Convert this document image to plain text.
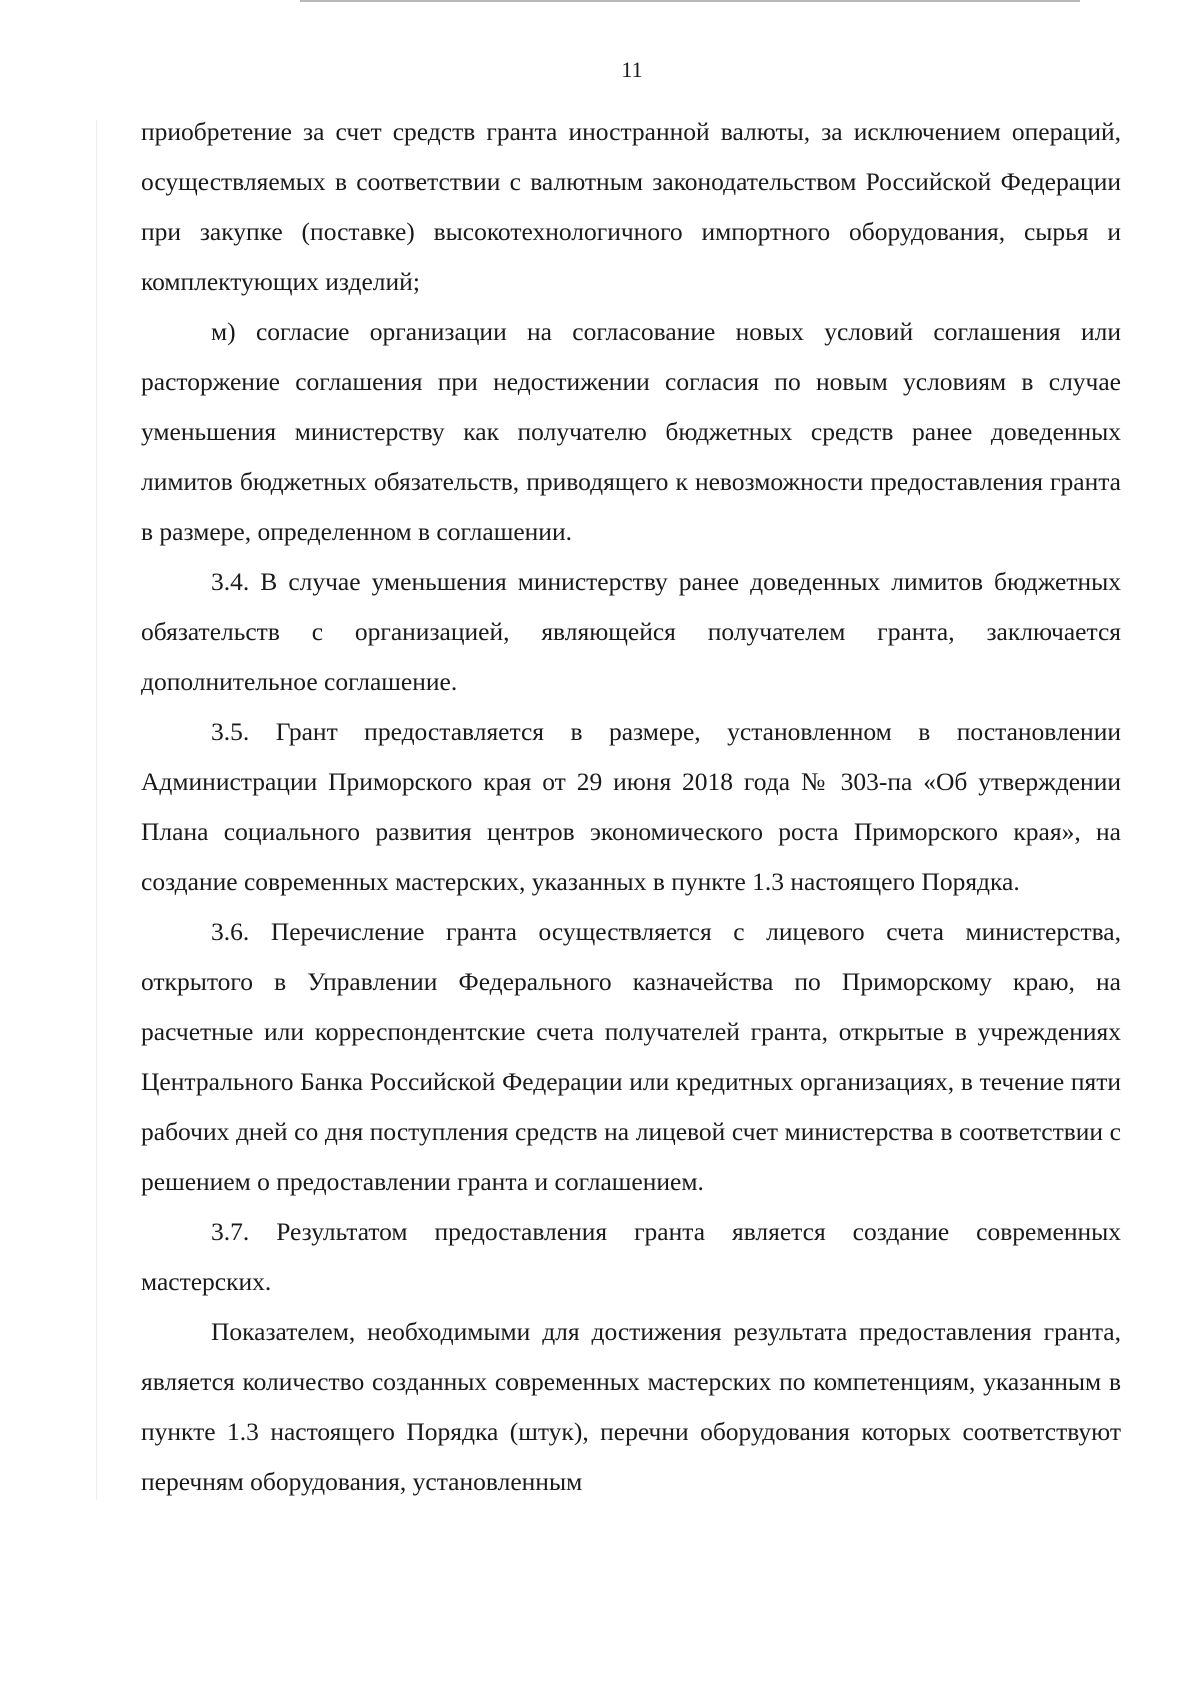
11

приобретение за счет средств гранта иностранной валюты, за исключением операций, осуществляемых в соответствии с валютным законодательством Российской Федерации при закупке (поставке) высокотехнологичного импортного оборудования, сырья и комплектующих изделий;

м) согласие организации на согласование новых условий соглашения или расторжение соглашения при недостижении согласия по новым условиям в случае уменьшения министерству как получателю бюджетных средств ранее доведенных лимитов бюджетных обязательств, приводящего к невозможности предоставления гранта в размере, определенном в соглашении.

3.4. В случае уменьшения министерству ранее доведенных лимитов бюджетных обязательств с организацией, являющейся получателем гранта, заключается дополнительное соглашение.

3.5. Грант предоставляется в размере, установленном в постановлении Администрации Приморского края от 29 июня 2018 года № 303-па «Об утверждении Плана социального развития центров экономического роста Приморского края», на создание современных мастерских, указанных в пункте 1.3 настоящего Порядка.

3.6. Перечисление гранта осуществляется с лицевого счета министерства, открытого в Управлении Федерального казначейства по Приморскому краю, на расчетные или корреспондентские счета получателей гранта, открытые в учреждениях Центрального Банка Российской Федерации или кредитных организациях, в течение пяти рабочих дней со дня поступления средств на лицевой счет министерства в соответствии с решением о предоставлении гранта и соглашением.

3.7. Результатом предоставления гранта является создание современных мастерских.

Показателем, необходимыми для достижения результата предоставления гранта, является количество созданных современных мастерских по компетенциям, указанным в пункте 1.3 настоящего Порядка (штук), перечни оборудования которых соответствуют перечням оборудования, установленным
